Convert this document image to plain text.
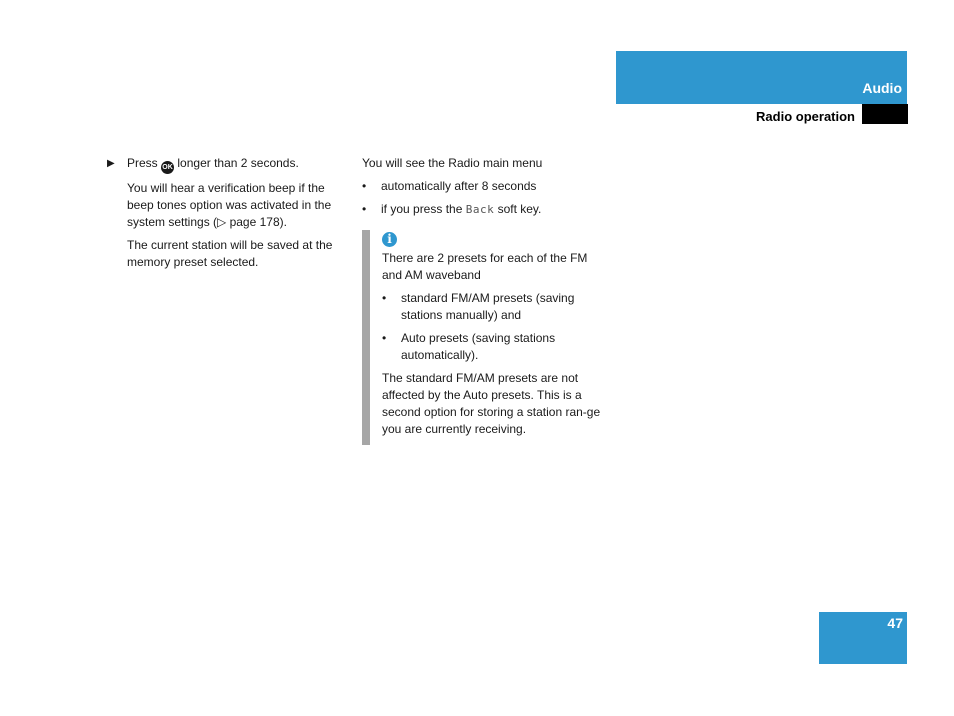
Audio
Radio operation
▶ Press OK longer than 2 seconds.

You will hear a verification beep if the beep tones option was activated in the system settings (▷ page 178).

The current station will be saved at the memory preset selected.

You will see the Radio main menu

• automatically after 8 seconds
• if you press the Back soft key.
i

There are 2 presets for each of the FM and AM waveband

• standard FM/AM presets (saving stations manually) and
• Auto presets (saving stations automatically).

The standard FM/AM presets are not affected by the Auto presets. This is a second option for storing a station ran-ge you are currently receiving.

47
